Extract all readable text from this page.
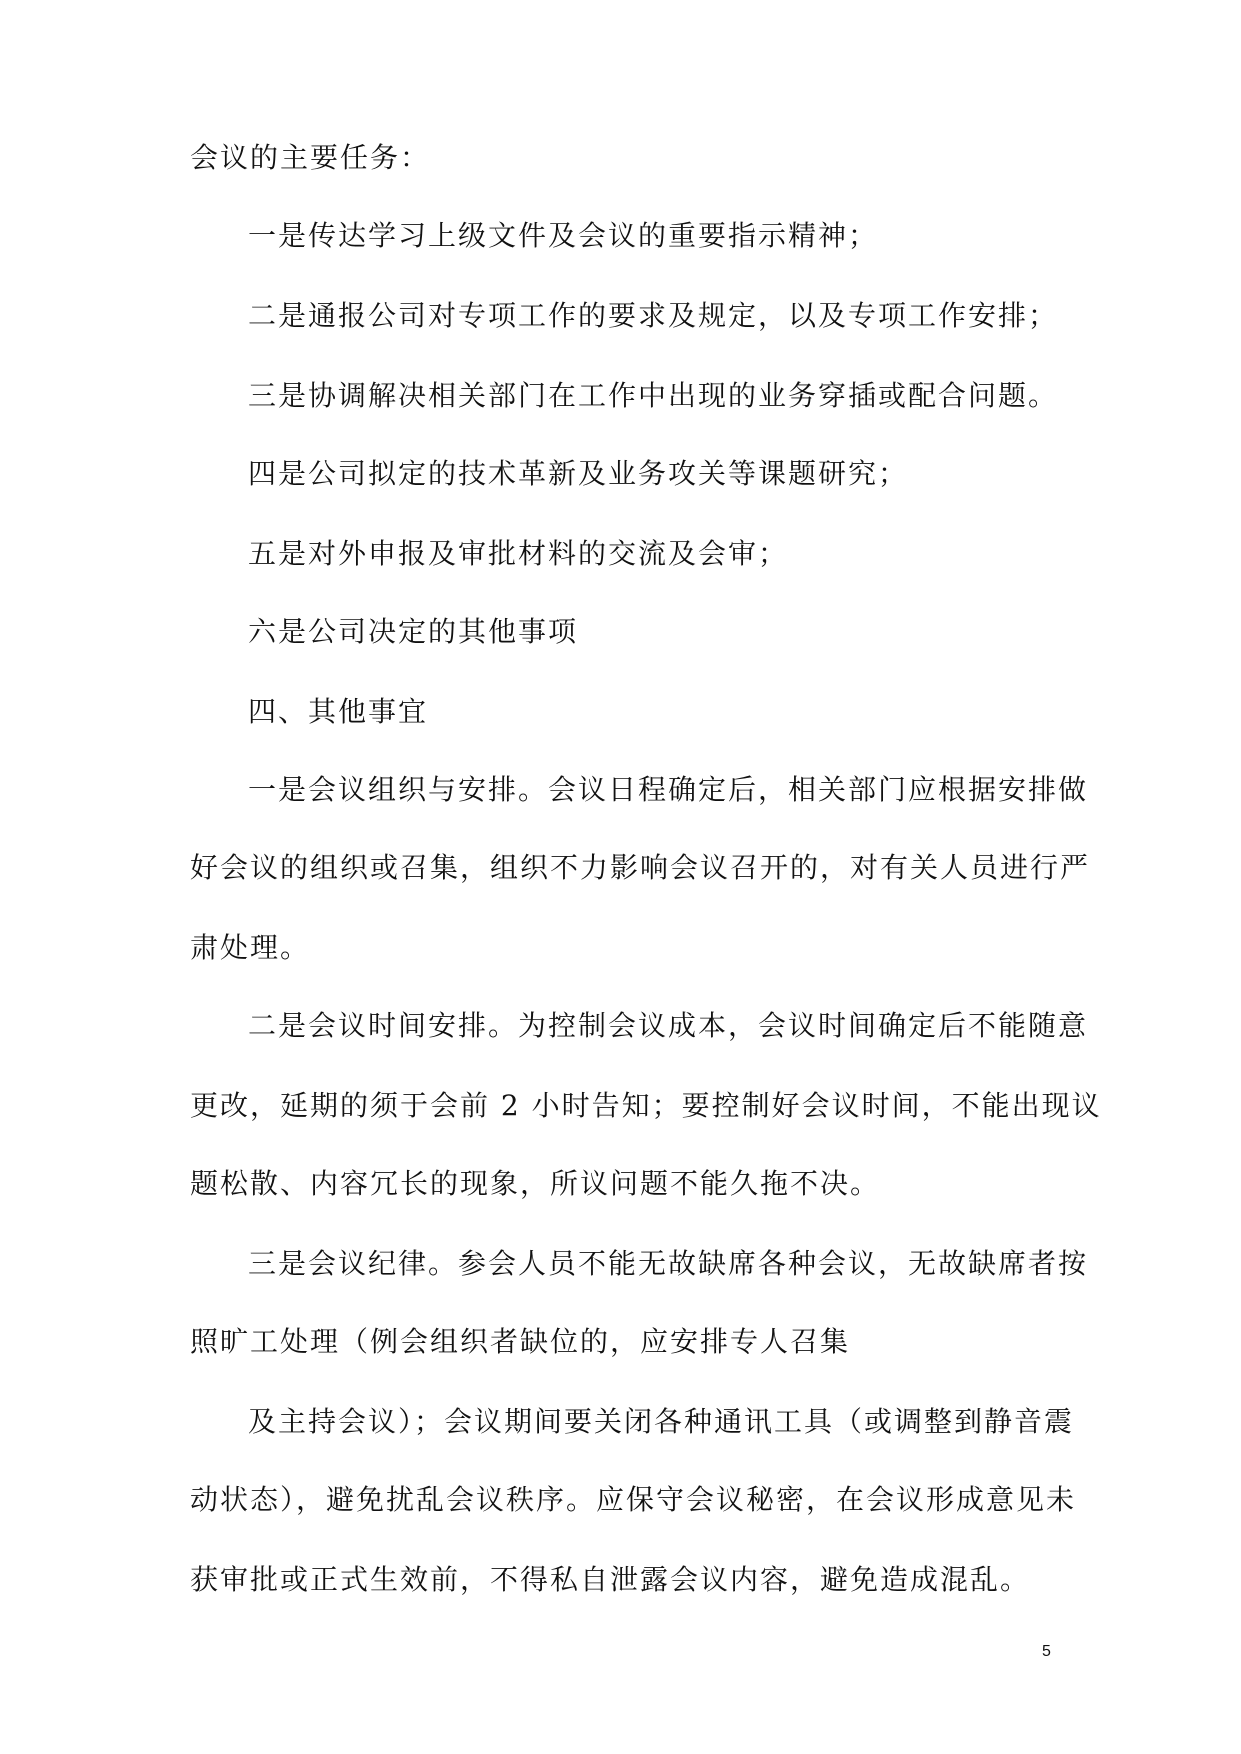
会议的主要任务：

一是传达学习上级文件及会议的重要指示精神；

二是通报公司对专项工作的要求及规定，以及专项工作安排；

三是协调解决相关部门在工作中出现的业务穿插或配合问题。

四是公司拟定的技术革新及业务攻关等课题研究；

五是对外申报及审批材料的交流及会审；

六是公司决定的其他事项

四、其他事宜

一是会议组织与安排。会议日程确定后，相关部门应根据安排做

好会议的组织或召集，组织不力影响会议召开的，对有关人员进行严

肃处理。

二是会议时间安排。为控制会议成本，会议时间确定后不能随意

更改，延期的须于会前 2 小时告知；要控制好会议时间，不能出现议

题松散、内容冗长的现象，所议问题不能久拖不决。

三是会议纪律。参会人员不能无故缺席各种会议，无故缺席者按

照旷工处理（例会组织者缺位的，应安排专人召集

及主持会议）；会议期间要关闭各种通讯工具（或调整到静音震

动状态），避免扰乱会议秩序。应保守会议秘密，在会议形成意见未

获审批或正式生效前，不得私自泄露会议内容，避免造成混乱。

5
